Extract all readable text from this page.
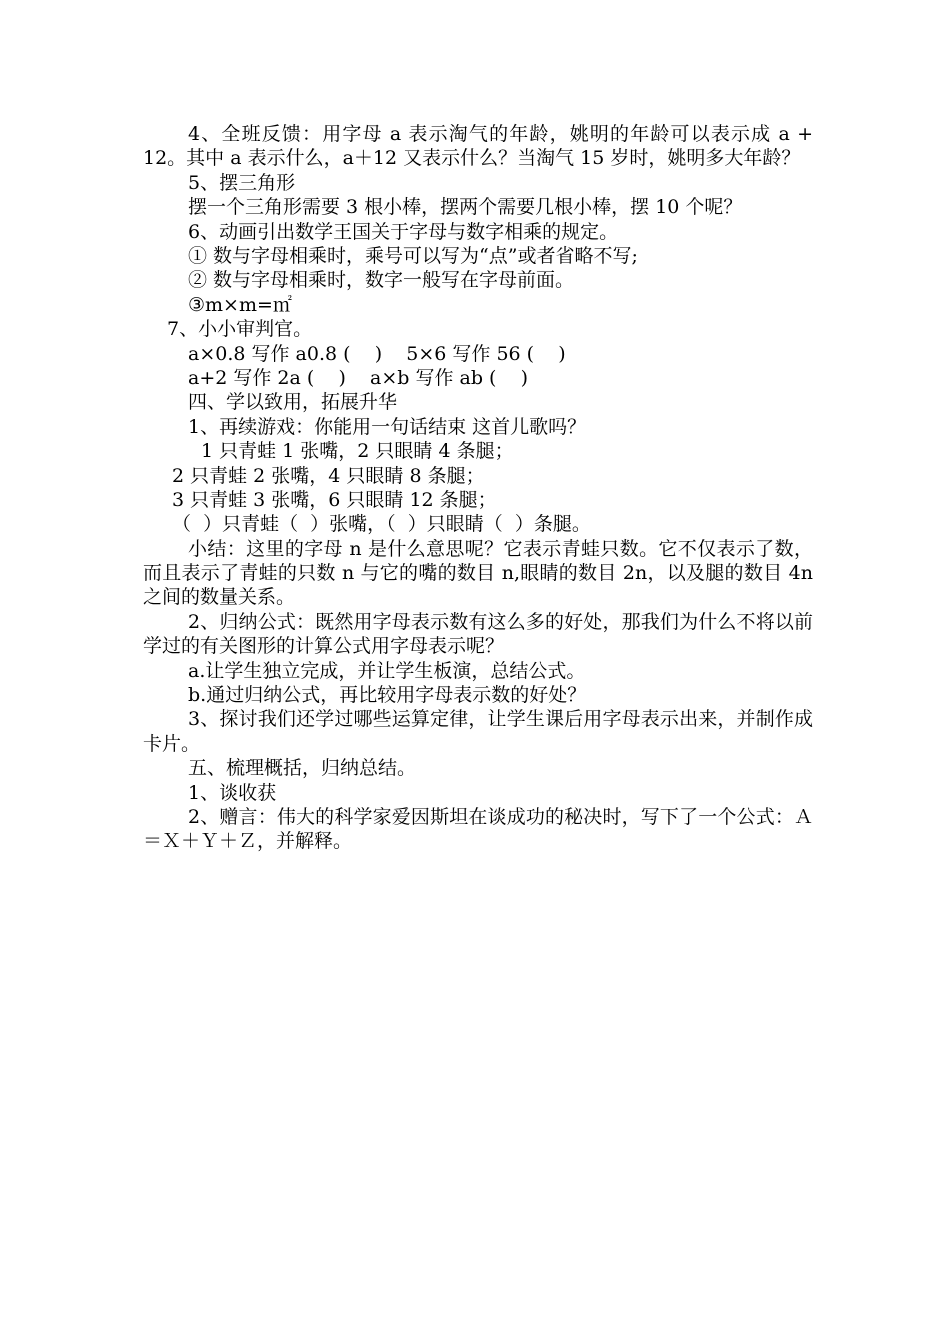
4、全班反馈：用字母 a 表示淘气的年龄，姚明的年龄可以表示成 a + 12。其中 a 表示什么，a＋12 又表示什么？当淘气 15 岁时，姚明多大年龄？
5、摆三角形
摆一个三角形需要 3 根小棒，摆两个需要几根小棒，摆 10 个呢？
6、动画引出数学王国关于字母与数字相乘的规定。
① 数与字母相乘时，乘号可以写为“点”或者省略不写;
② 数与字母相乘时，数字一般写在字母前面。
③m×m=㎡
7、小小审判官。
a×0.8 写作 a0.8 (    )    5×6 写作 56 (    )
a+2 写作 2a (    )    a×b 写作 ab (    )
四、学以致用，拓展升华
1、再续游戏：你能用一句话结束 这首儿歌吗？
1 只青蛙 1 张嘴，2 只眼睛 4 条腿；
2 只青蛙 2 张嘴，4 只眼睛 8 条腿；
3 只青蛙 3 张嘴，6 只眼睛 12 条腿；
（  ）只青蛙（  ）张嘴，（  ）只眼睛（  ）条腿。
小结：这里的字母 n 是什么意思呢？它表示青蛙只数。它不仅表示了数，而且表示了青蛙的只数 n 与它的嘴的数目 n,眼睛的数目 2n，以及腿的数目 4n 之间的数量关系。
2、归纳公式：既然用字母表示数有这么多的好处，那我们为什么不将以前学过的有关图形的计算公式用字母表示呢？
a.让学生独立完成，并让学生板演，总结公式。
b.通过归纳公式，再比较用字母表示数的好处？
3、探讨我们还学过哪些运算定律，让学生课后用字母表示出来，并制作成卡片。
五、梳理概括，归纳总结。
1、谈收获
2、赠言：伟大的科学家爱因斯坦在谈成功的秘决时，写下了一个公式：Ａ＝Ｘ＋Ｙ＋Ｚ，并解释。
